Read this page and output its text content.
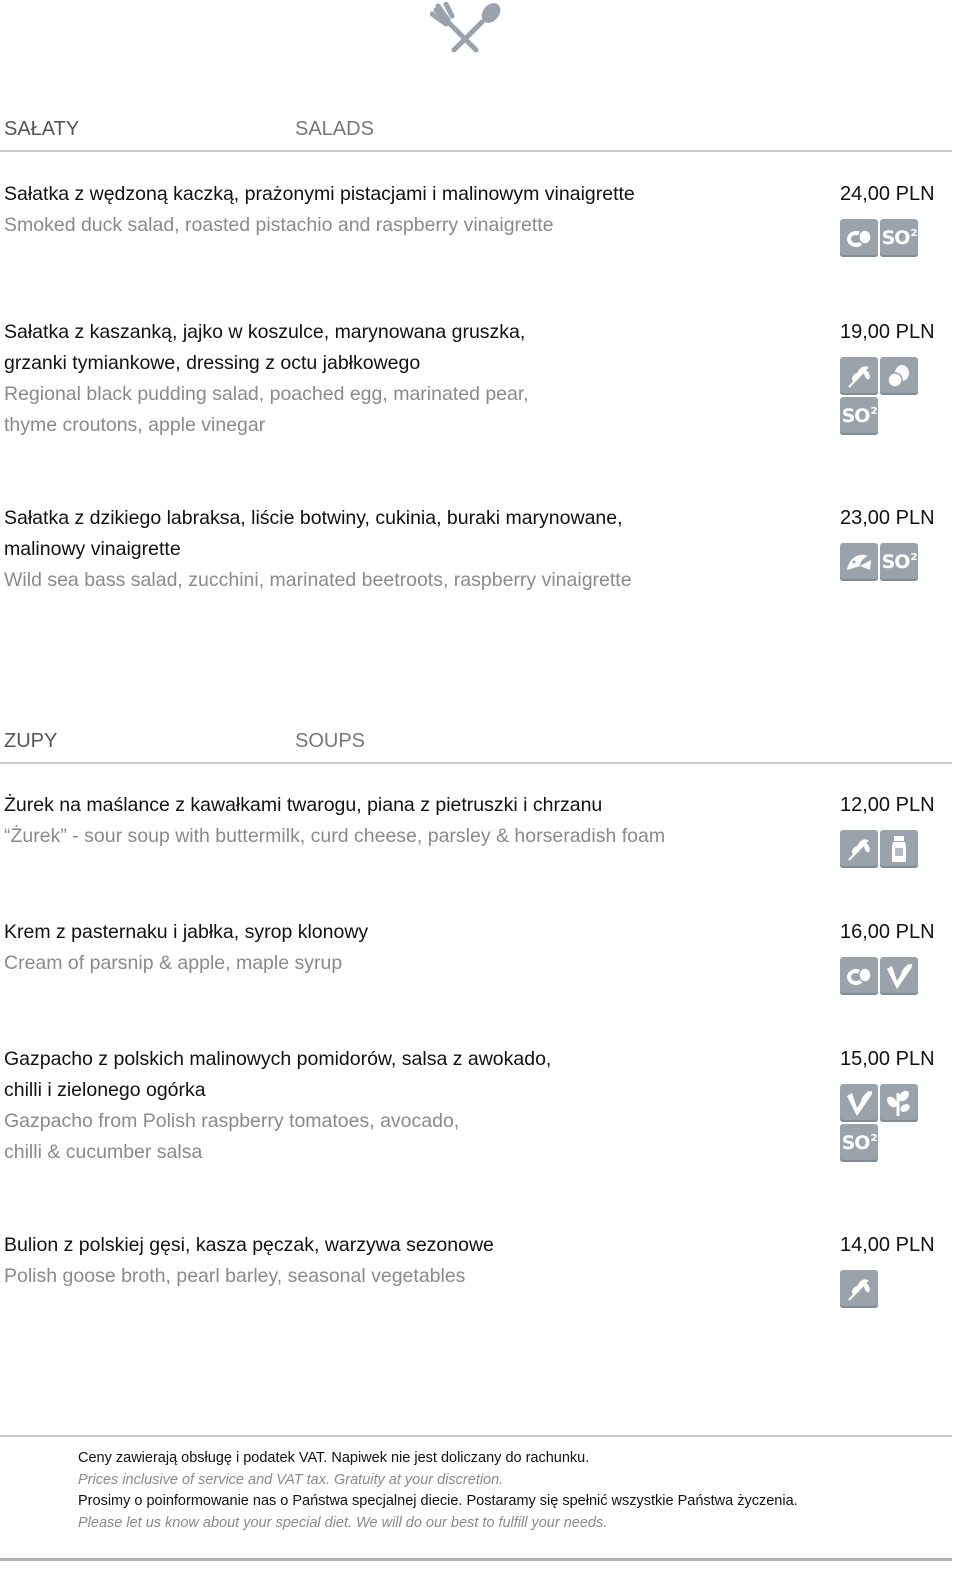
SAŁATY	SALADS
Sałatka z wędzoną kaczką, prażonymi pistacjami i malinowym vinaigrette
Smoked duck salad, roasted pistachio and raspberry vinaigrette
24,00 PLN
$SO^2$
Sałatka z kaszanką, jajko w koszulce, marynowana gruszka,
grzanki tymiankowe, dressing z octu jabłkowego
Regional black pudding salad, poached egg, marinated pear,
thyme croutons, apple vinegar
19,00 PLN
$SO^2$
Sałatka z dzikiego labraksa, liście botwiny, cukinia, buraki marynowane,
malinowy vinaigrette
Wild sea bass salad, zucchini, marinated beetroots, raspberry vinaigrette
23,00 PLN
$SO^2$
ZUPY	SOUPS
Żurek na maślance z kawałkami twarogu, piana z pietruszki i chrzanu
“Żurek” - sour soup with buttermilk, curd cheese, parsley & horseradish foam
12,00 PLN
Krem z pasternaku i jabłka, syrop klonowy
Cream of parsnip & apple, maple syrup
16,00 PLN
Gazpacho z polskich malinowych pomidorów, salsa z awokado,
chilli i zielonego ogórka
Gazpacho from Polish raspberry tomatoes, avocado,
chilli & cucumber salsa
15,00 PLN
$SO^2$
Bulion z polskiej gęsi, kasza pęczak, warzywa sezonowe
Polish goose broth, pearl barley, seasonal vegetables
14,00 PLN
Ceny zawierają obsługę i podatek VAT. Napiwek nie jest doliczany do rachunku.
Prices inclusive of service and VAT tax. Gratuity at your discretion.
Prosimy o poinformowanie nas o Państwa specjalnej diecie. Postaramy się spełnić wszystkie Państwa życzenia.
Please let us know about your special diet. We will do our best to fulfill your needs.
